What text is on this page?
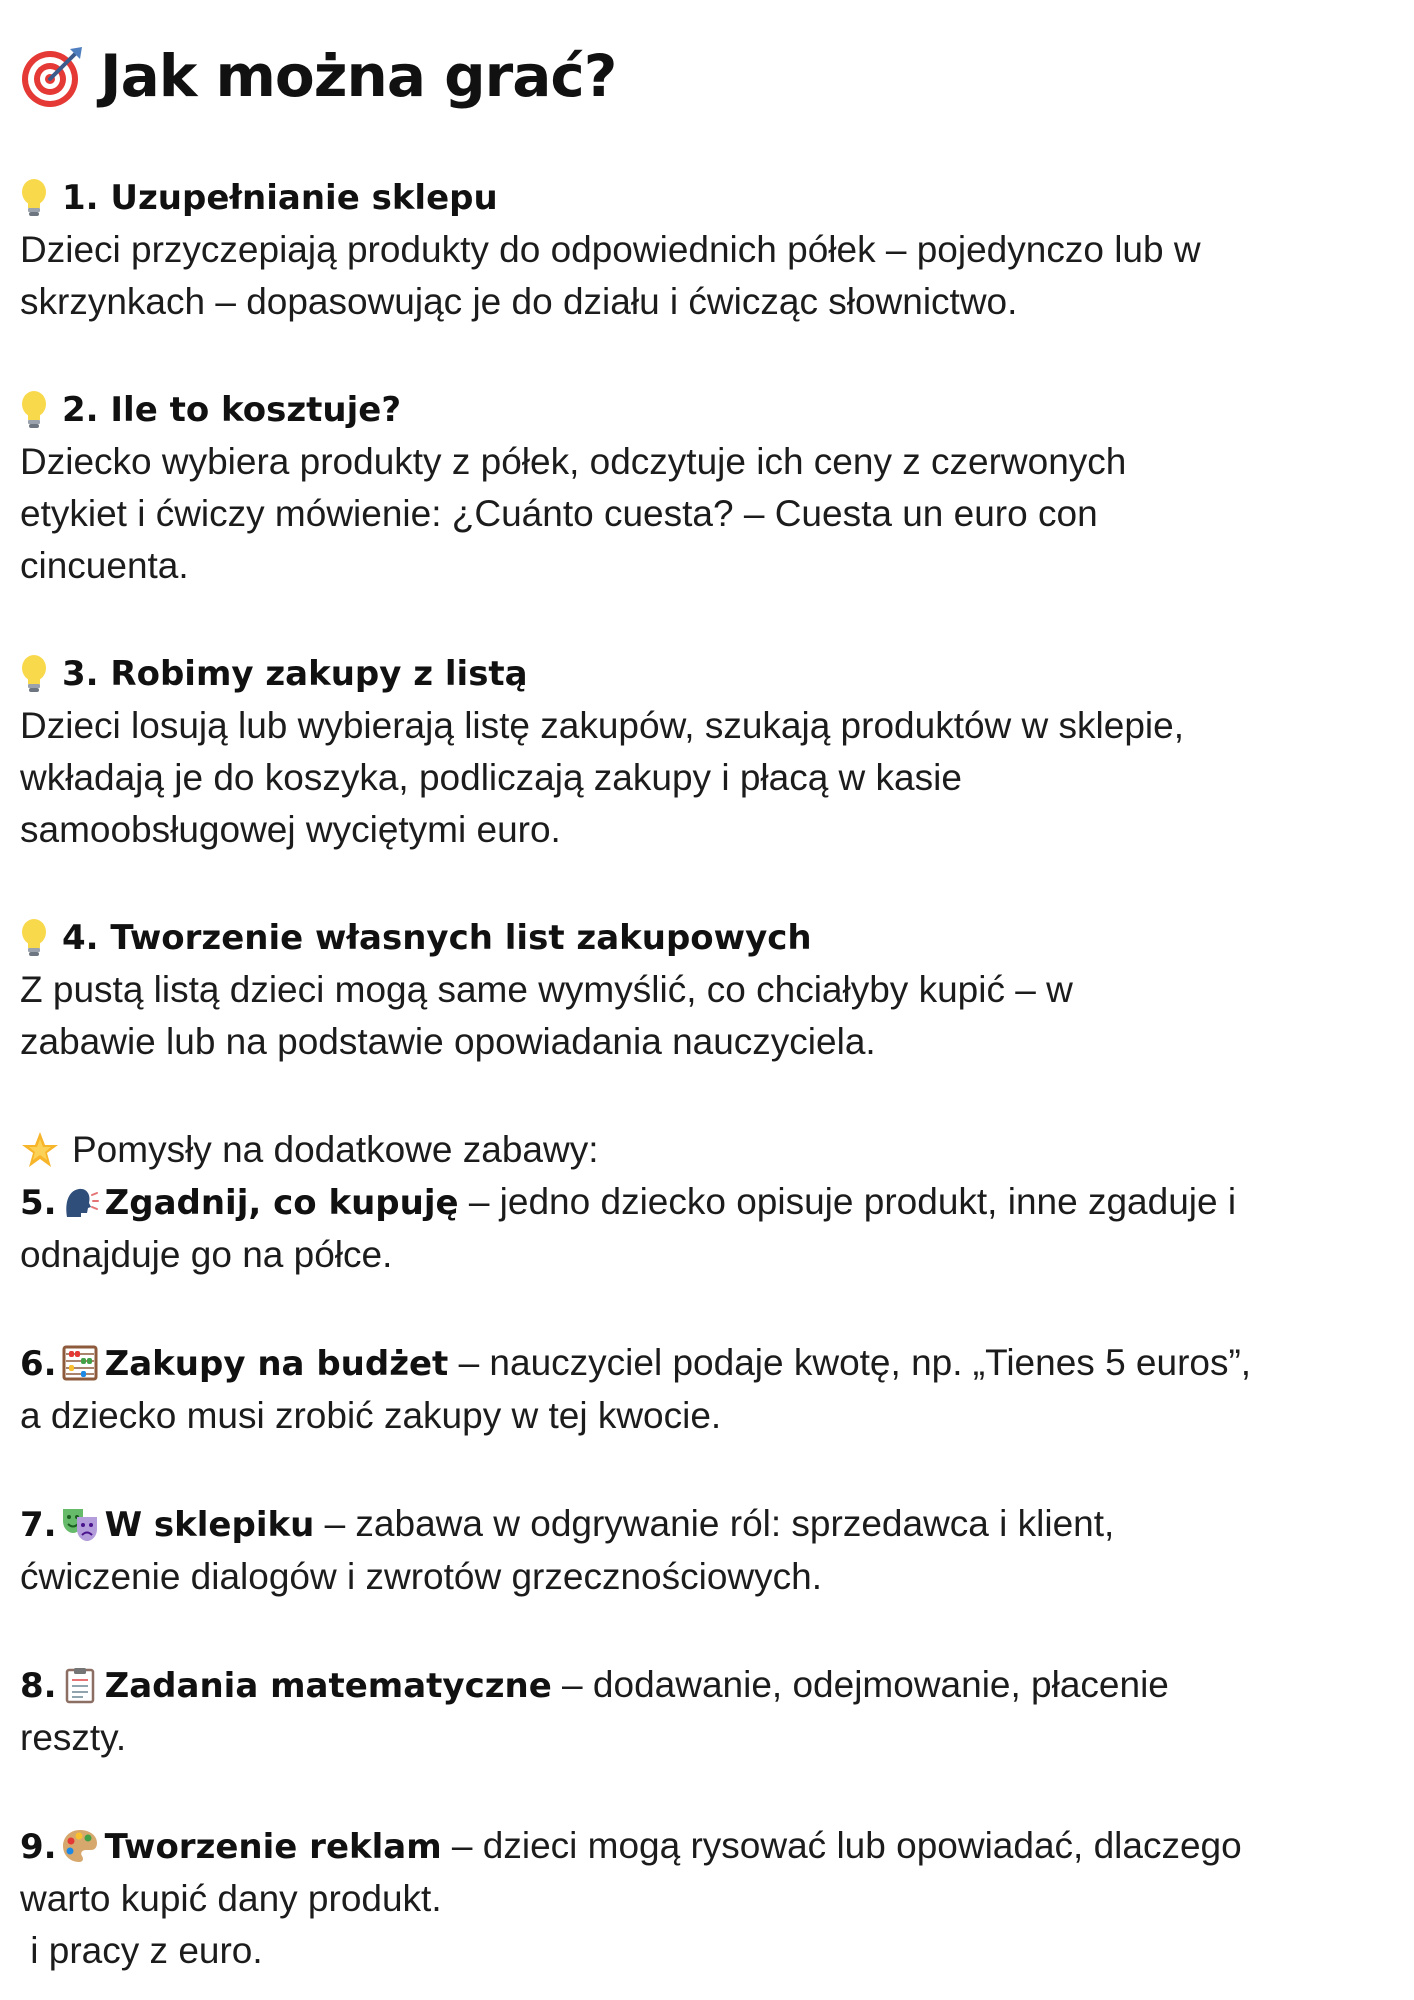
Jak można grać?
1. Uzupełnianie sklepu
Dzieci przyczepiają produkty do odpowiednich półek – pojedynczo lub w
skrzynkach – dopasowując je do działu i ćwicząc słownictwo.
2. Ile to kosztuje?
Dziecko wybiera produkty z półek, odczytuje ich ceny z czerwonych
etykiet i ćwiczy mówienie: ¿Cuánto cuesta? – Cuesta un euro con
cincuenta.
3. Robimy zakupy z listą
Dzieci losują lub wybierają listę zakupów, szukają produktów w sklepie,
wkładają je do koszyka, podliczają zakupy i płacą w kasie
samoobsługowej wyciętymi euro.
4. Tworzenie własnych list zakupowych
Z pustą listą dzieci mogą same wymyślić, co chciałyby kupić – w
zabawie lub na podstawie opowiadania nauczyciela.
Pomysły na dodatkowe zabawy:
5. Zgadnij, co kupuję – jedno dziecko opisuje produkt, inne zgaduje i
odnajduje go na półce.
6. Zakupy na budżet – nauczyciel podaje kwotę, np. „Tienes 5 euros”,
a dziecko musi zrobić zakupy w tej kwocie.
7. W sklepiku – zabawa w odgrywanie ról: sprzedawca i klient,
ćwiczenie dialogów i zwrotów grzecznościowych.
8. Zadania matematyczne – dodawanie, odejmowanie, płacenie
reszty.
9. Tworzenie reklam – dzieci mogą rysować lub opowiadać, dlaczego
warto kupić dany produkt.
i pracy z euro.
